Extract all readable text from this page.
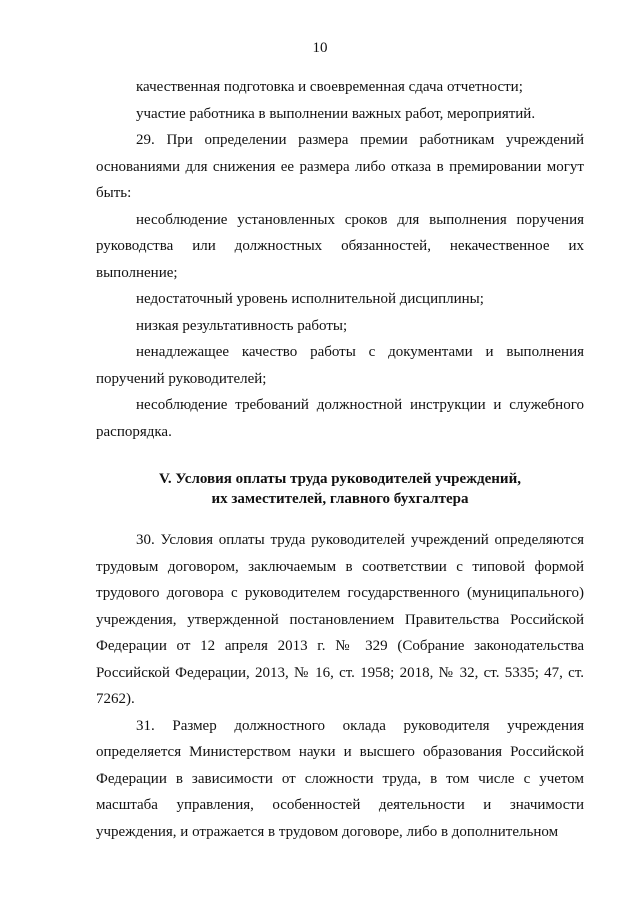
10

качественная подготовка и своевременная сдача отчетности;

участие работника в выполнении важных работ, мероприятий.

29. При определении размера премии работникам учреждений основаниями для снижения ее размера либо отказа в премировании могут быть:

несоблюдение установленных сроков для выполнения поручения руководства или должностных обязанностей, некачественное их выполнение;

недостаточный уровень исполнительной дисциплины;

низкая результативность работы;

ненадлежащее качество работы с документами и выполнения поручений руководителей;

несоблюдение требований должностной инструкции и служебного распорядка.

V. Условия оплаты труда руководителей учреждений,
их заместителей, главного бухгалтера

30. Условия оплаты труда руководителей учреждений определяются трудовым договором, заключаемым в соответствии с типовой формой трудового договора с руководителем государственного (муниципального) учреждения, утвержденной постановлением Правительства Российской Федерации от 12 апреля 2013 г. № 329 (Собрание законодательства Российской Федерации, 2013, № 16, ст. 1958; 2018, № 32, ст. 5335; 47, ст. 7262).

31. Размер должностного оклада руководителя учреждения определяется Министерством науки и высшего образования Российской Федерации в зависимости от сложности труда, в том числе с учетом масштаба управления, особенностей деятельности и значимости учреждения, и отражается в трудовом договоре, либо в дополнительном
